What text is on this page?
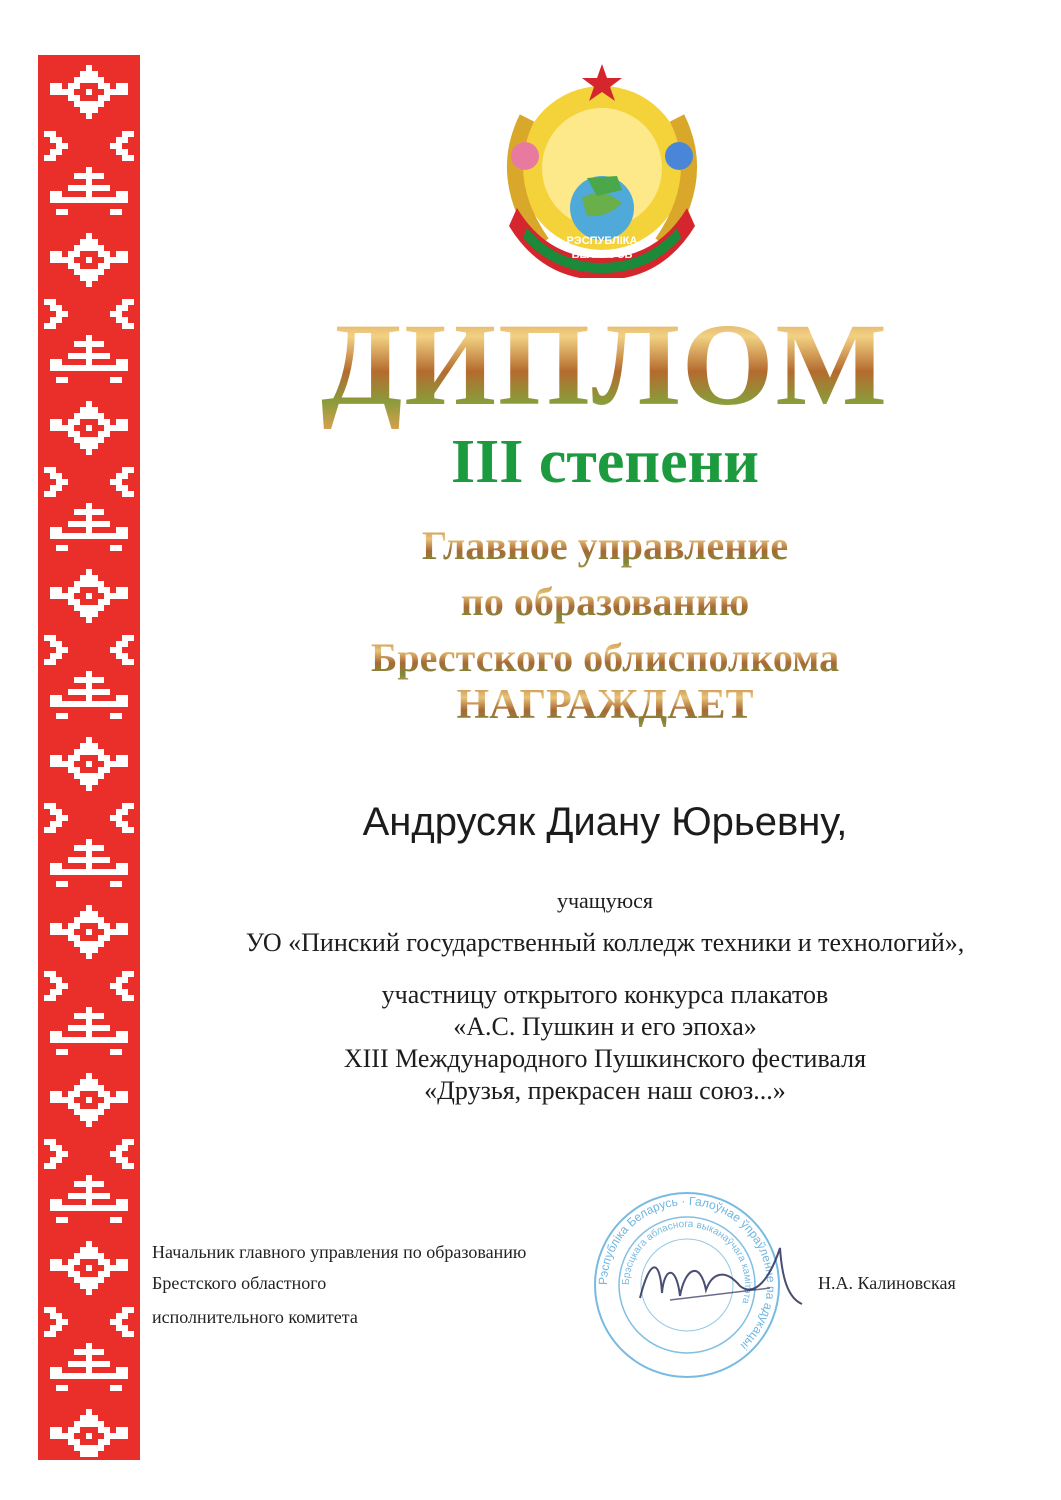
РЭСПУБЛІКА
БЕЛАРУСЬ
ДИПЛОМ
III степени

Главное управление

по образованию

Брестского облисполкома

НАГРАЖДАЕТ

Андрусяк Диану Юрьевну,

учащуюся

УО «Пинский государственный колледж техники и технологий»,

участницу открытого конкурса плакатов

«А.С. Пушкин и его эпоха»

XIII Международного Пушкинского фестиваля

«Друзья, прекрасен наш союз...»

Начальник главного управления по образованию

Брестского областного

исполнительного комитета

Н.А. Калиновская

Рэспубліка Беларусь · Галоўнае ўпраўленне па адукацыі
Брэсцкага абласнога выканаўчага камітэта
